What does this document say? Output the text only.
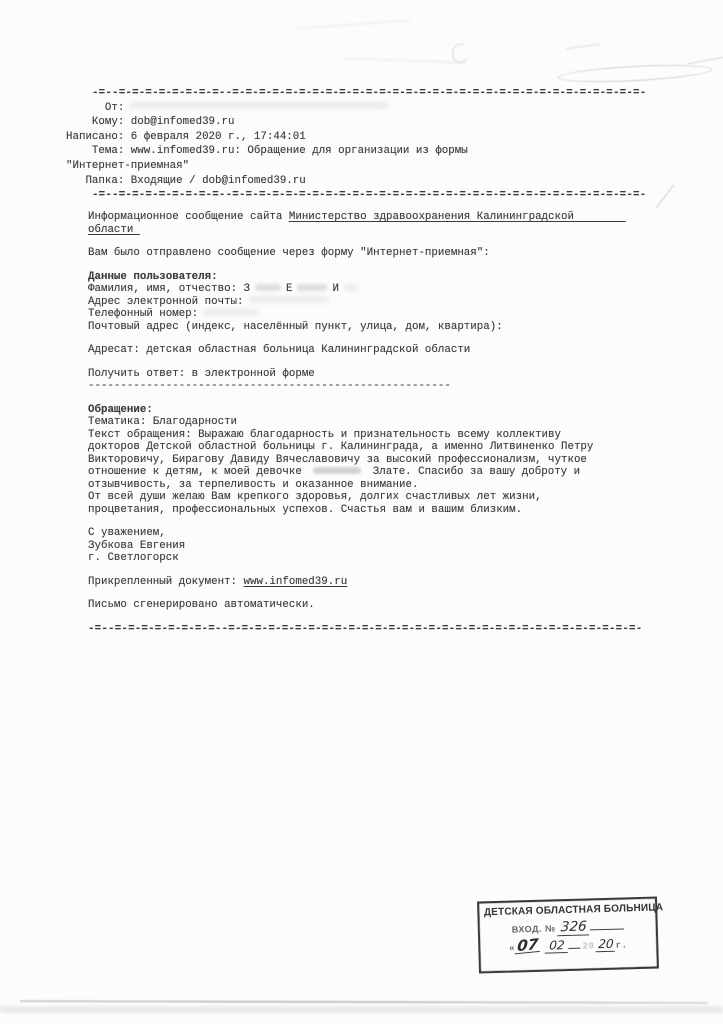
-=--=-=-=-=-=-=-=-=--=-=-=-=-=-=-=-=-=-=-=-=-=-=-=-=-=-=-=-=-=-=-=-=-=-=-=-=-=-=-=-
От:
Кому: dob@infomed39.ru
Написано: 6 февраля 2020 г., 17:44:01
Тема: www.infomed39.ru: Обращение для организации из формы
"Интернет-приемная"
Папка: Входящие / dob@infomed39.ru
-=--=-=-=-=-=-=-=-=--=-=-=-=-=-=-=-=-=-=-=-=-=-=-=-=-=-=-=-=-=-=-=-=-=-=-=-=-=-=-=-
Информационное сообщение сайта Министерство здравоохранения Калининградской
области
Вам было отправлено сообщение через форму "Интернет-приемная":
Данные пользователя:
Фамилия, имя, отчество: З	Е	И
Адрес электронной почты:
Телефонный номер:
Почтовый адрес (индекс, населённый пункт, улица, дом, квартира):
Адресат: детская областная больница Калининградской области
Получить ответ: в электронной форме
--------------------------------------------------------
Обращение:
Тематика: Благодарности
Текст обращения: Выражаю благодарность и признательность всему коллективу
докторов Детской областной больницы г. Калининграда, а именно Литвиненко Петру
Викторовичу, Бирагову Давиду Вячеславовичу за высокий профессионализм, чуткое
отношение к детям, к моей девочке	Злате. Спасибо за вашу доброту и
отзывчивость, за терпеливость и оказанное внимание.
От всей души желаю Вам крепкого здоровья, долгих счастливых лет жизни,
процветания, профессиональных успехов. Счастья вам и вашим близким.
С уважением,
Зубкова Евгения
г. Светлогорск
Прикрепленный документ: www.infomed39.ru
Письмо сгенерировано автоматически.
-=--=-=-=-=-=-=-=-=--=-=-=-=-=-=-=-=-=-=-=-=-=-=-=-=-=-=-=-=-=-=-=-=-=-=-=-=-=-=-=-
ДЕТСКАЯ ОБЛАСТНАЯ БОЛЬНИЦА
ВХОД. № 326
«07 02 20 20г.
